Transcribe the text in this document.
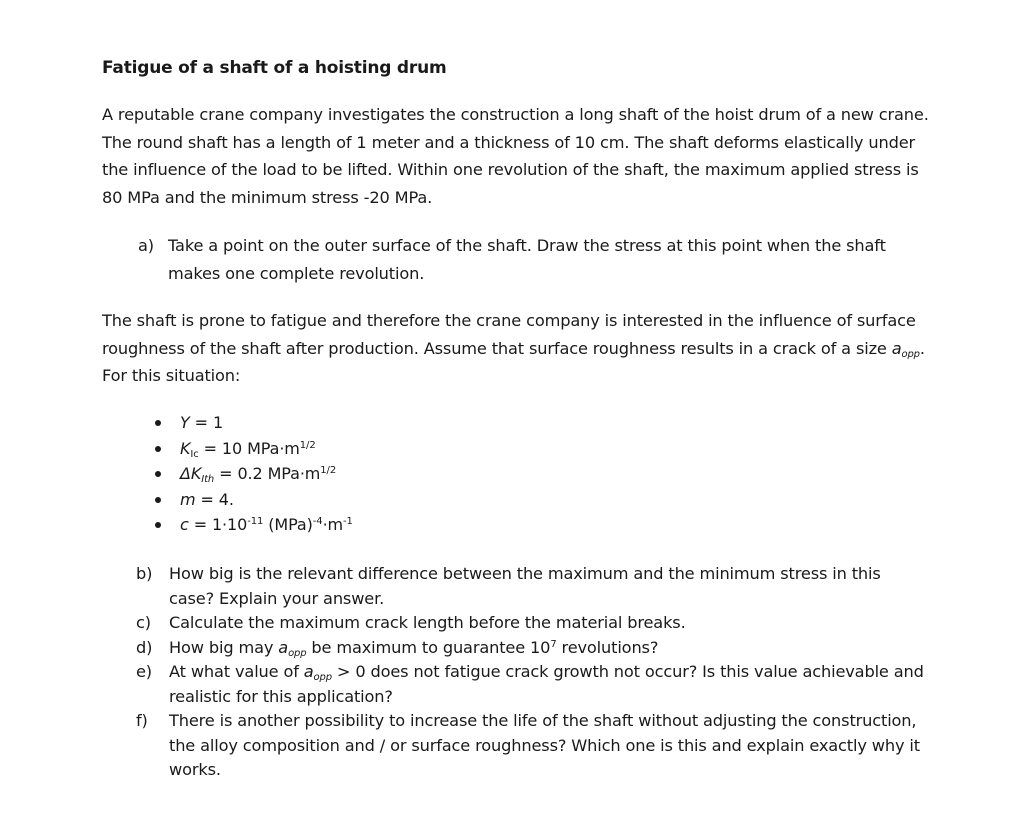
Fatigue of a shaft of a hoisting drum

A reputable crane company investigates the construction a long shaft of the hoist drum of a new crane. The round shaft has a length of 1 meter and a thickness of 10 cm. The shaft deforms elastically under the influence of the load to be lifted. Within one revolution of the shaft, the maximum applied stress is 80 MPa and the minimum stress -20 MPa.

a) Take a point on the outer surface of the shaft. Draw the stress at this point when the shaft makes one complete revolution.

The shaft is prone to fatigue and therefore the crane company is interested in the influence of surface roughness of the shaft after production. Assume that surface roughness results in a crack of a size $a_{opp}$. For this situation:

Y = 1
$K_{Ic} = 10$ $MPa\cdot m^{1/2}$
$\Delta K_{Ith} = 0.2$ $MPa\cdot m^{1/2}$
m = 4.
$c = 1\cdot 10^{-11}$ $(MPa)^{-4}\cdot m^{-1}$
b) How big is the relevant difference between the maximum and the minimum stress in this case? Explain your answer.
c) Calculate the maximum crack length before the material breaks.
d) How big may $a_{opp}$ be maximum to guarantee $10^7$ revolutions?
e) At what value of $a_{opp} > 0$ does not fatigue crack growth not occur? Is this value achievable and realistic for this application?
f) There is another possibility to increase the life of the shaft without adjusting the construction, the alloy composition and / or surface roughness? Which one is this and explain exactly why it works.
